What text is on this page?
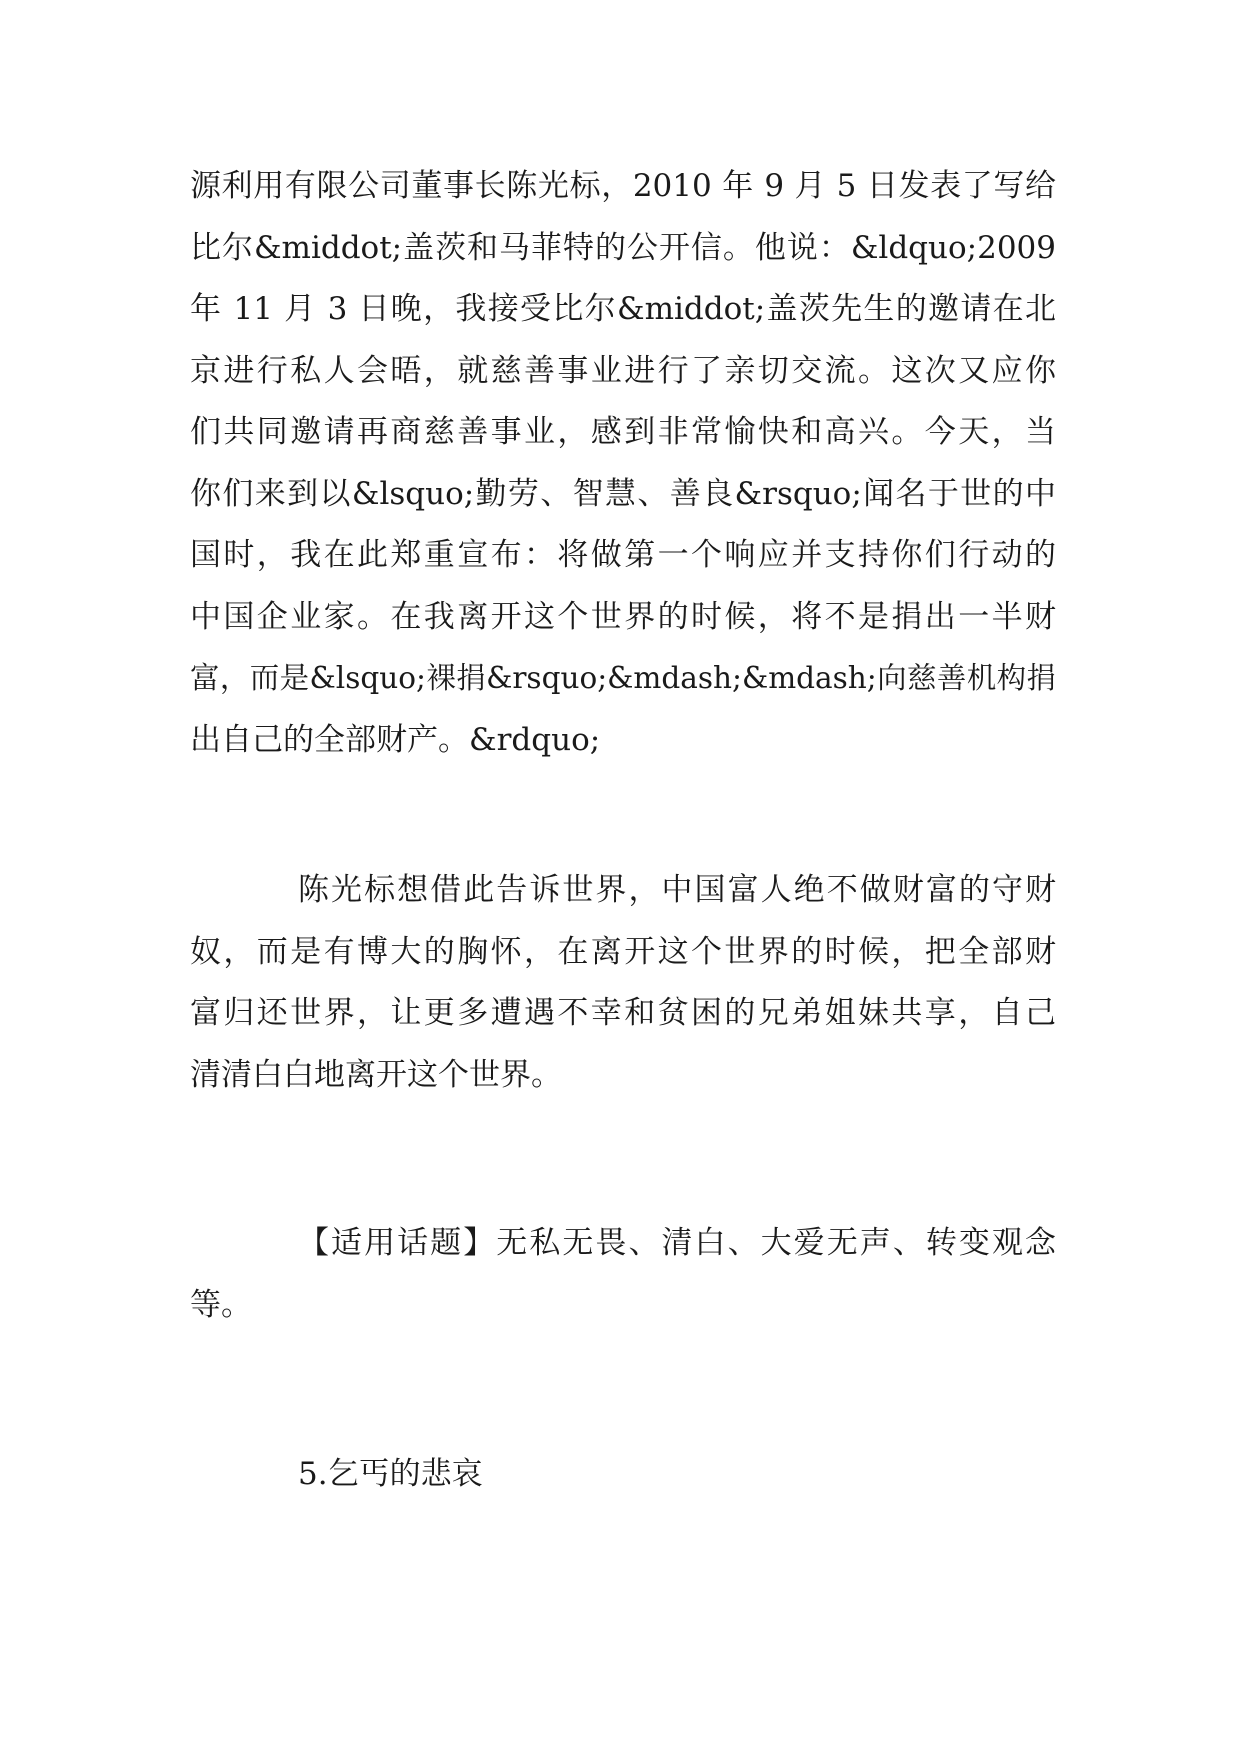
源利用有限公司董事长陈光标，2010 年 9 月 5 日发表了写给
比尔&middot;盖茨和马菲特的公开信。他说：&ldquo;2009
年 11 月 3 日晚，我接受比尔&middot;盖茨先生的邀请在北
京进行私人会晤，就慈善事业进行了亲切交流。这次又应你
们共同邀请再商慈善事业，感到非常愉快和高兴。今天，当
你们来到以&lsquo;勤劳、智慧、善良&rsquo;闻名于世的中
国时，我在此郑重宣布：将做第一个响应并支持你们行动的
中国企业家。在我离开这个世界的时候，将不是捐出一半财
富，而是&lsquo;裸捐&rsquo;&mdash;&mdash;向慈善机构捐
出自己的全部财产。&rdquo;
陈光标想借此告诉世界，中国富人绝不做财富的守财
奴，而是有博大的胸怀，在离开这个世界的时候，把全部财
富归还世界，让更多遭遇不幸和贫困的兄弟姐妹共享，自己
清清白白地离开这个世界。
【适用话题】无私无畏、清白、大爱无声、转变观念
等。
5.乞丐的悲哀
